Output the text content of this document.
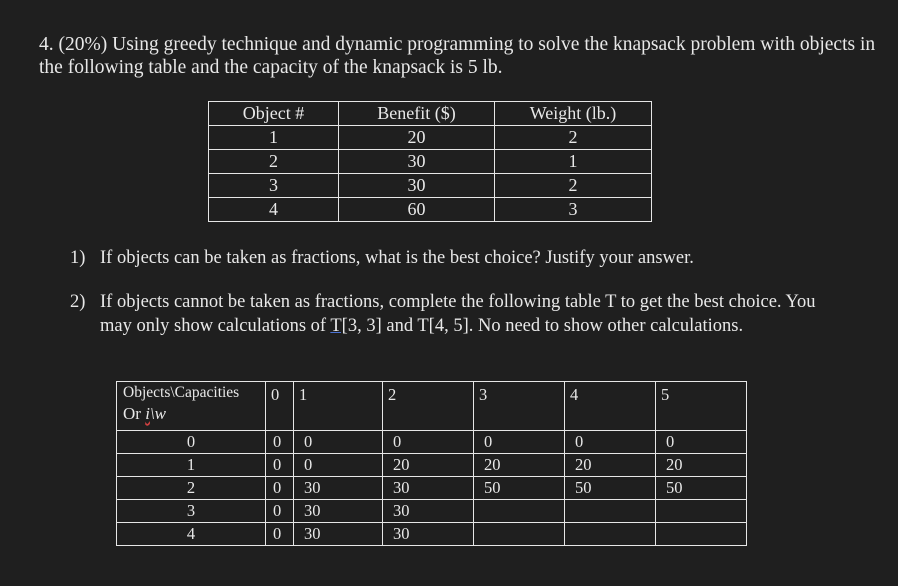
4. (20%) Using greedy technique and dynamic programming to solve the knapsack problem with objects in the following table and the capacity of the knapsack is 5 lb.

Object #	Benefit ($)	Weight (lb.)
1	20	2
2	30	1
3	30	2
4	60	3
1) If objects can be taken as fractions, what is the best choice? Justify your answer.
2) If objects cannot be taken as fractions, complete the following table T to get the best choice. You may only show calculations of T[3, 3] and T[4, 5]. No need to show other calculations.
Objects\Capacities
Or i\w	0	1	2	3	4	5
0	0	0	0	0	0	0
1	0	0	20	20	20	20
2	0	30	30	50	50	50
3	0	30	30			
4	0	30	30			
